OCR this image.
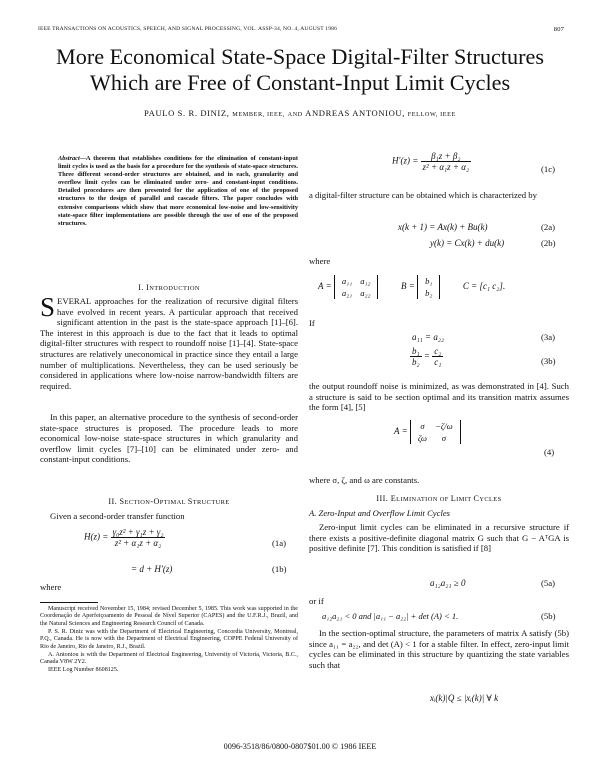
IEEE TRANSACTIONS ON ACOUSTICS, SPEECH, AND SIGNAL PROCESSING, VOL. ASSP-34, NO. 4, AUGUST 1986	807
More Economical State-Space Digital-Filter Structures
Which are Free of Constant-Input Limit Cycles
PAULO S. R. DINIZ, MEMBER, IEEE, AND ANDREAS ANTONIOU, FELLOW, IEEE
Abstract—A theorem that establishes conditions for the elimination of constant-input limit cycles is used as the basis for a procedure for the synthesis of state-space structures. Three different second-order structures are obtained, and in each, granularity and overflow limit cycles can be eliminated under zero- and constant-input conditions. Detailed procedures are then presented for the application of one of the proposed structures to the design of parallel and cascade filters. The paper concludes with extensive comparisons which show that more economical low-noise and low-sensitivity state-space filter implementations are possible through the use of one of the proposed structures.
I. INTRODUCTION
SEVERAL approaches for the realization of recursive digital filters have evolved in recent years. A particular approach that received significant attention in the past is the state-space approach [1]–[6]. The interest in this approach is due to the fact that it leads to optimal digital-filter structures with respect to roundoff noise [1]–[4]. State-space structures are relatively uneconomical in practice since they entail a large number of multiplications. Nevertheless, they can be used seriously be considered in applications where low-noise narrow-bandwidth filters are required.
In this paper, an alternative procedure to the synthesis of second-order state-space structures is proposed. The procedure leads to more economical low-noise state-space structures in which granularity and overflow limit cycles [7]–[10] can be eliminated under zero- and constant-input conditions.
II. SECTION-OPTIMAL STRUCTURE
Given a second-order transfer function
$H(z) = \frac{\text{γ₀z² + γ₁z + γ₂}}{\text{z² + α₁z + α₂}}$	(1a)
= d + H′(z)	(1b)
where

Manuscript received November 15, 1984; revised December 5, 1985. This work was supported in the Coordenação de Aperfeiçoamento de Pessoal de Nível Superior (CAPES) and the U.F.R.J., Brazil, and the Natural Sciences and Engineering Research Council of Canada.

P. S. R. Diniz was with the Department of Electrical Engineering, Concordia University, Montreal, P.Q., Canada. He is now with the Department of Electrical Engineering, COPPE Federal University of Rio de Janeiro, Rio de Janeiro, R.J., Brazil.

A. Antoniou is with the Department of Electrical Engineering, University of Victoria, Victoria, B.C., Canada V8W 2Y2.

IEEE Log Number 8608125.

$H'(z) = \frac{\text{β₁z + β₂}}{\text{z² + α₁z + α₂}}$	(1c)
a digital-filter structure can be obtained which is characterized by
x(k + 1) = Ax(k) + Bu(k)	(2a)
y(k) = Cx(k) + du(k)	(2b)
where
A =
a₁₁	a₁₂
a₂₁	a₂₂
B =
b₁
b₂
C = [c₁ c₂].
If
a₁₁ = a₂₂	(3a)
$\frac{\text{b₁}}{\text{b₂}} = \frac{\text{c₂}}{\text{c₁}}$	(3b)
the output roundoff noise is minimized, as was demonstrated in [4]. Such a structure is said to be section optimal and its transition matrix assumes the form [4], [5]
A =
σ	−ζ/ω
ζω	σ
(4)
where σ, ζ, and ω are constants.
III. ELIMINATION OF LIMIT CYCLES
A. Zero-Input and Overflow Limit Cycles
Zero-input limit cycles can be eliminated in a recursive structure if there exists a positive-definite diagonal matrix G such that G − AᵀGA is positive definite [7]. This condition is satisfied if [8]
a₁₂a₂₁ ≥ 0	(5a)
or if
a₁₂a₂₁ < 0 and |a₁₁ − a₂₂| + det (A) < 1.	(5b)
In the section-optimal structure, the parameters of matrix A satisfy (5b) since a₁₁ = a₂₂, and det (A) < 1 for a stable filter. In effect, zero-input limit cycles can be eliminated in this structure by quantizing the state variables such that
xᵢ(k)|Q ≤ |xᵢ(k)| ∀ k
0096-3518/86/0800-0807$01.00 © 1986 IEEE
